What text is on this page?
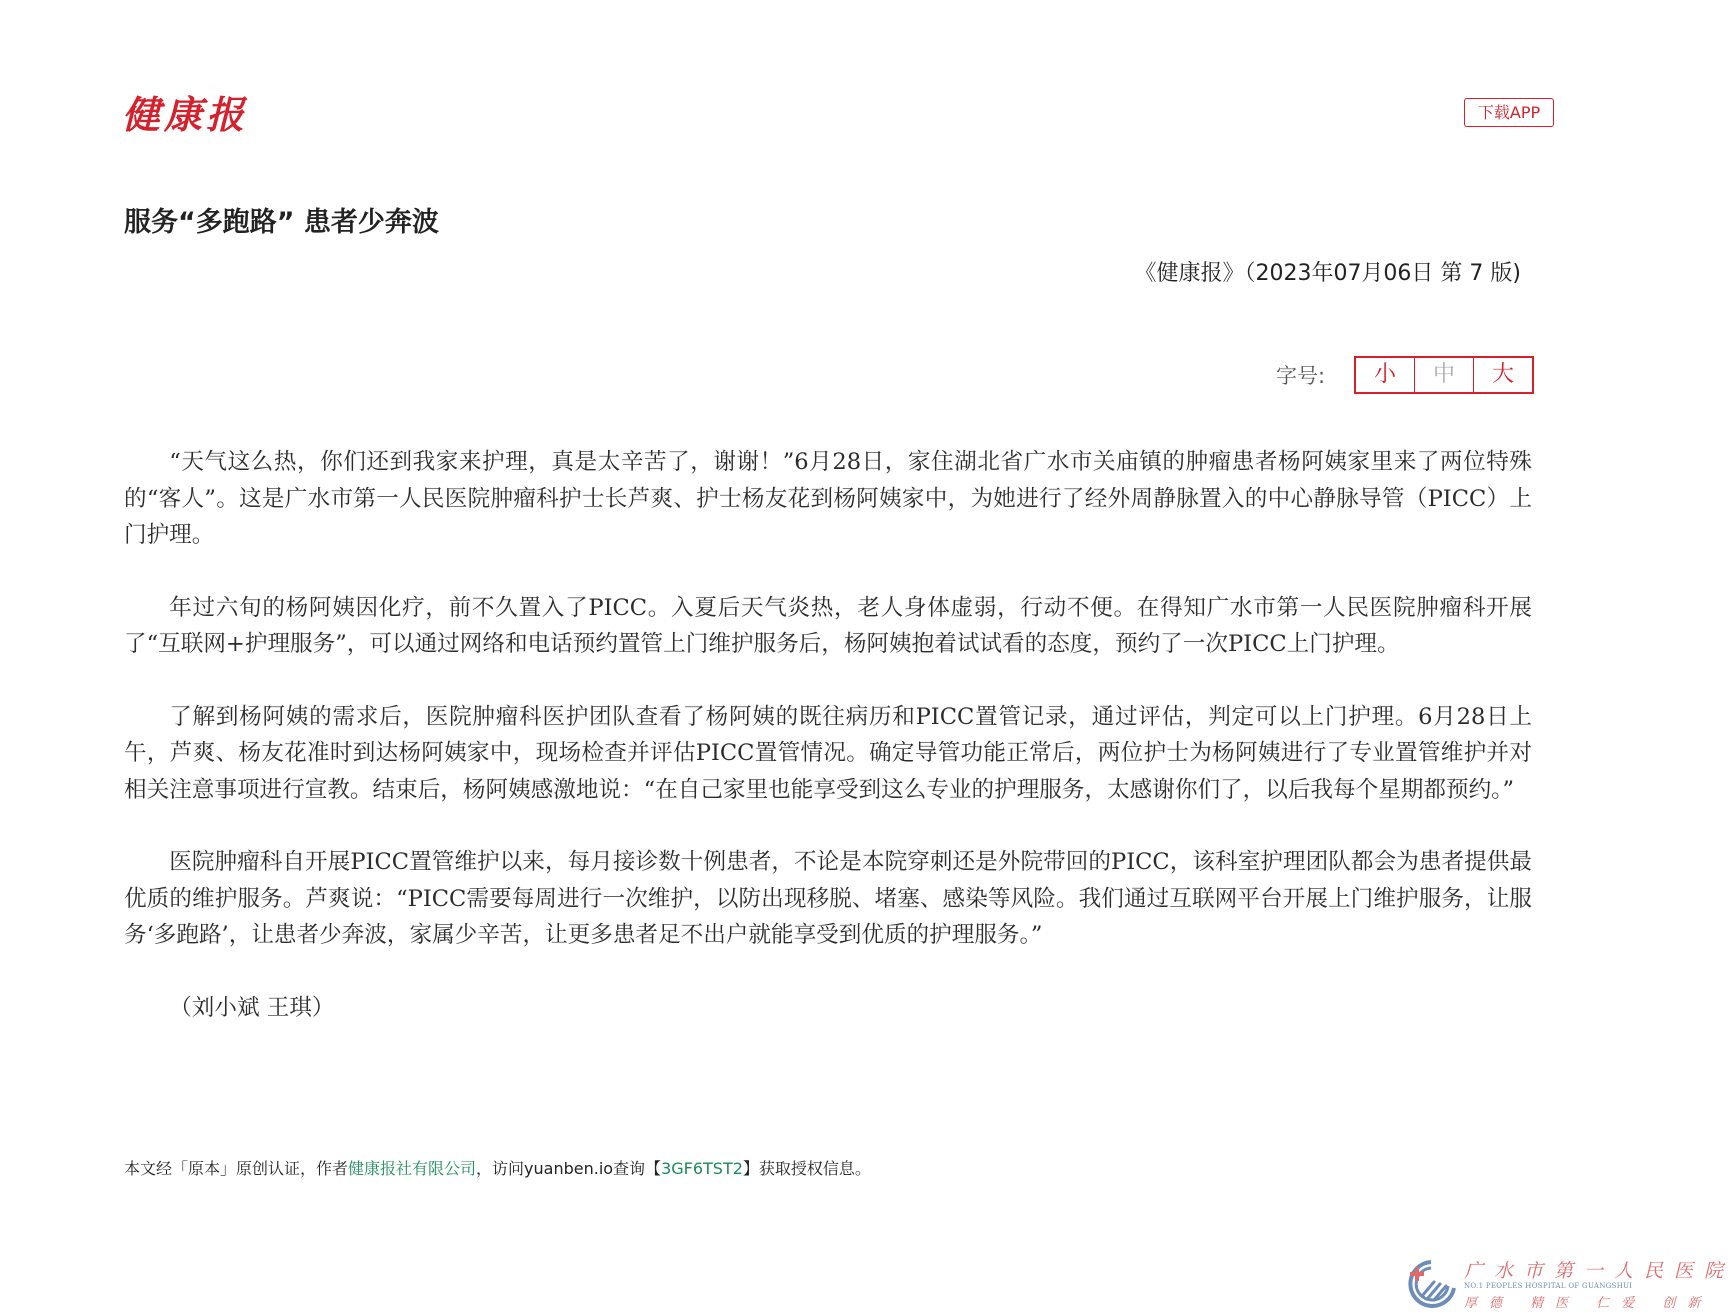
健康报	下载APP
服务“多跑路” 患者少奔波
《健康报》（2023年07月06日 第 7 版)
字号:	小	中	大

“天气这么热，你们还到我家来护理，真是太辛苦了，谢谢！”6月28日，家住湖北省广水市关庙镇的肿瘤患者杨阿姨家里来了两位特殊的“客人”。这是广水市第一人民医院肿瘤科护士长芦爽、护士杨友花到杨阿姨家中，为她进行了经外周静脉置入的中心静脉导管（PICC）上门护理。

年过六旬的杨阿姨因化疗，前不久置入了PICC。入夏后天气炎热，老人身体虚弱，行动不便。在得知广水市第一人民医院肿瘤科开展了“互联网+护理服务”，可以通过网络和电话预约置管上门维护服务后，杨阿姨抱着试试看的态度，预约了一次PICC上门护理。

了解到杨阿姨的需求后，医院肿瘤科医护团队查看了杨阿姨的既往病历和PICC置管记录，通过评估，判定可以上门护理。6月28日上午，芦爽、杨友花准时到达杨阿姨家中，现场检查并评估PICC置管情况。确定导管功能正常后，两位护士为杨阿姨进行了专业置管维护并对相关注意事项进行宣教。结束后，杨阿姨感激地说：“在自己家里也能享受到这么专业的护理服务，太感谢你们了，以后我每个星期都预约。”

医院肿瘤科自开展PICC置管维护以来，每月接诊数十例患者，不论是本院穿刺还是外院带回的PICC，该科室护理团队都会为患者提供最优质的维护服务。芦爽说：“PICC需要每周进行一次维护，以防出现移脱、堵塞、感染等风险。我们通过互联网平台开展上门维护服务，让服务‘多跑路’，让患者少奔波，家属少辛苦，让更多患者足不出户就能享受到优质的护理服务。”

（刘小斌 王琪）

本文经「原本」原创认证，作者健康报社有限公司，访问yuanben.io查询【3GF6TST2】获取授权信息。
广水市第一人民医院
NO.1 PEOPLES HOSPITAL OF GUANGSHUI
厚德 精医 仁爱 创新
